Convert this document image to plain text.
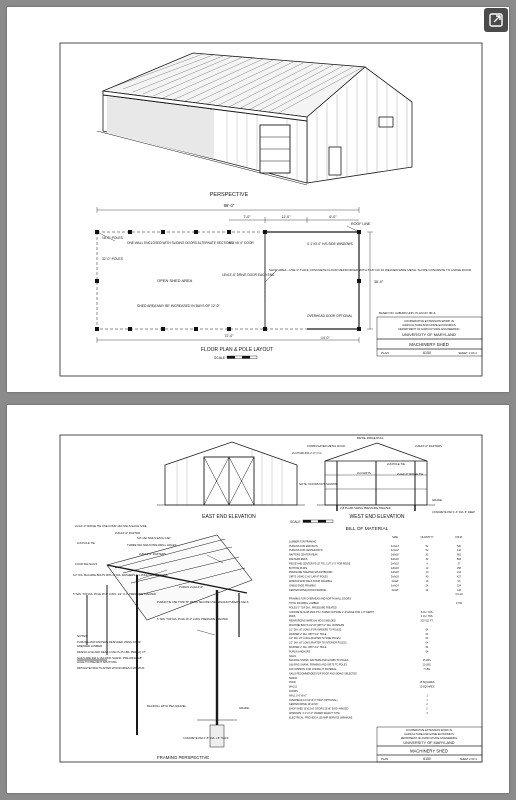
PERSPECTIVE
96'-0"
7'-0"	11'-0"	6'-0"
ROOF LINE
16'-0" POLES
ONE WALL ENCLOSED WITH SLIDING DOORS ALTERNATE SECTIONS
5'-4"x6'-0" DOOR	4'-1"x3'-0" H/S SIDE WINDOWS
32'-0" POLES
OPEN SHED AREA
16'x13'-6" DRIVE DOOR EACH END
SHOP AREA—USE 4" THICK CONCRETE FLOOR REINFORCED WITH 6"x6" NO.10 WELDED WIRE MESH. SLOPE CONCRETE TO LARGE DOOR
SHED AREA MAY BE INCREASED IN BAYS OF 12'-0"
OVERHEAD DOOR OPTIONAL
72'-0"
36'-0"
14'-0"
FLOOR PLAN & POLE LAYOUT
SCALE
BASED ON: AUBURN UNIV. PLAN NO. BF-6
COOPERATIVE EXTENSION WORK IN
AGRICULTURE AND HOME ECONOMICS
DEPARTMENT OF AGRICULTURAL ENGINEERING
UNIVERSITY OF MARYLAND
MACHINERY SHED
PLAN	6150	SHEET 1 OF 2
EAST END ELEVATION	WEST END ELEVATION
METAL RIDGE ROLL
CORRUGATED METAL ROOF
2x4 PURLINS 2'-0" O.C.
2x8x16'-0" RAFTERS
2x8 POLE TIE
2x4 GIRTS	2x4x4'-0" RIDGE TIE
2x8 PLANK SIDING PRESSURE TREATED
GRADE
CONCRETE PAD 1'-6" DIA. 8" DEEP
NOTE: DOORS NOT SHOWN
SCALE
2x4x4'-0" RIDGE TIE USE FOUR 16d NAILS EACH SIDE
2x8x16'-0" RAFTER
SIX 16d NAILS EACH LAP
2x8 POLE TIE	THREE 60d NAILS PRE-DRILL HOLES
2x8x16'-0" RAFTERS
FOUR 60d NAILS
1/2" DIA. MACHINE BOLTS WITH 2" DIA. WASHERS ALL POLE CONNECTIONS
5" MIN. TOP DIA. POLE 16'-0" LONG, 1/4" O.C. PRESSURE TREATED
PURLIN TIE USE TYPE "B" METAL SECURE USE MANUFACTURER'S NAILS
PURLIN 2x4x14'-0"
5" MIN. TOP DIA. POLE 16'-0" LONG PRESSURE TREATED
BACKFILL WITH PEA GRAVEL	GRADE
CONCRETE PAD 1'-6" DIA. x 8" THICK
FRAMING PERSPECTIVE
NOTES:
PURLINS AND RAFTERS DESIGNED USING 1000#
DRESSED LUMBER
DESIGN LIVE AND DEAD LOAD IS 25 LBS. PER SQ. FT.
NAILS ARE 60d & 16d RING SHANK. PRE-DRILL 1/8"
HOLE TO PREVENT SPLITTING
RETIGHTEN BOLTS AFTER WOOD DRIES 6 MONTHS.
BILL OF MATERIAL
SIZE	QUANTITY	F.B.M.
LUMBER FOR FRAMING
PURLINS FOR END BAYS	2x4x14'	52	520
PURLINS FOR CENTER BAYS	2x4x12'	52	416
RAFTERS CENTER PEAK	2x8x16'	32	682
RAFTERS ENDS	2x8x16'	32	682
RIDGE AND CENTER PO.ST TIE, CUT 3'-0" FOR RIDGE	2x4x10'	4	27
BOTTOM PLATE	2x8x16'	12	256
PRESSURE TREATED SPLASHBOARD	2x8x16'	10	213
GIRTS USING 1"x6" LAP AT POLES	2x4x16'	40	427
WINDOW AND WALK DOOR FRAMING	2x4x8'	10	53
GABLE ENDS FRAMING	2x4x14'	24	224
CENTER DRIVE DOOR FRAMING	2x4x8'	24	128
3,6-1/2
FRAMING FOR OVERHEAD AND NORTH WALL DOORS
TOTAL FRAMING LUMBER	9,700
POLES 5" TOP DIA., PRESSURE TREATED
CONCRETE SLAB 2500 P.S.I. TAPER OUTSIDE 1"-6" EDGE FOR 1'-0" DEPTH	8 CU. YDS.
PADS	3 CU. YDS.
REINFORCING WIRE 6x6 NO.10 WELDED	320 SQ. FT.
MACHINE BOLTS 1/2"x8" WITH 2" DIA. WASHERS
1/2" DIA. x6" LONG (FOR GIRDERS TO POLES)	64
WASHER 2" DIA. WITH 1/2" HOLE	64
1/2" DIA. x6" LONG (RAFTER TO SIDE POLES)	64
1/2" DIA. x9" LONG (RAFTER TO INTERIOR POLES)	64
WASHER 2" DIA. WITH 1/2" HOLE	64
PURLIN ANCHORS	64
NAILS
60d RING SHANK: RAFTERS AND GOABS TO POLES	25 LBS.
16d RING SHANK: FRAMING AND GIRTS TO POLES	10 LBS.
10d COMMON: FOR JOINING IT MATERIAL	7 LBS.
NAILS RECOMMENDED FOR ROOF AND SIDING SELECTED
SIDING
ROOF	15 SQUARES
WALLS	10 SQUARES
DOORS
WALL 3'-6"x6'-0"	1
OVERHEAD 14'x13'x6'-0" HIGH (OPTIONAL)	1
CENTER DRIVE 16'x13'x6"	2
SHOP SHED 16'x13'x6" DOORS 10'x6" EACH HINGED	2
WINDOWS: 4'-1"x3'-0" OWNER SELECT TYPE	3
ELECTRICAL: PROVIDE A 100 AMP SERVICE (MINIMUM)
COOPERATIVE EXTENSION WORK IN
AGRICULTURE AND HOME ECONOMICS
DEPARTMENT OF AGRICULTURAL ENGINEERING
UNIVERSITY OF MARYLAND
MACHINERY SHED
PLAN	6150	SHEET 2 OF 2
